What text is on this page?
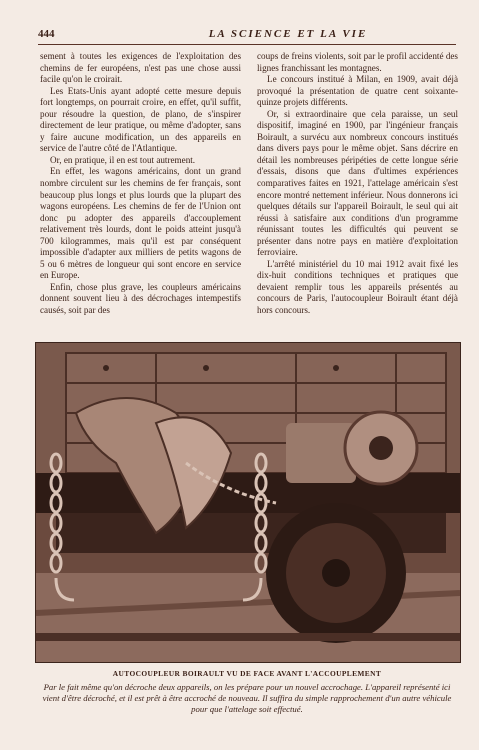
444	LA SCIENCE ET LA VIE

sement à toutes les exigences de l'exploitation des chemins de fer européens, n'est pas une chose aussi facile qu'on le croirait.

Les Etats-Unis ayant adopté cette mesure depuis fort longtemps, on pourrait croire, en effet, qu'il suffit, pour résoudre la question, de plano, de s'inspirer directement de leur pratique, ou même d'adopter, sans y faire aucune modification, un des appareils en service de l'autre côté de l'Atlantique.

Or, en pratique, il en est tout autrement.

En effet, les wagons américains, dont un grand nombre circulent sur les chemins de fer français, sont beaucoup plus longs et plus lourds que la plupart des wagons européens. Les chemins de fer de l'Union ont donc pu adopter des appareils d'accouplement relativement très lourds, dont le poids atteint jusqu'à 700 kilogrammes, mais qu'il est par conséquent impossible d'adapter aux milliers de petits wagons de 5 ou 6 mètres de longueur qui sont encore en service en Europe.

Enfin, chose plus grave, les coupleurs américains donnent souvent lieu à des décrochages intempestifs causés, soit par des

coups de freins violents, soit par le profil accidenté des lignes franchissant les montagnes.

Le concours institué à Milan, en 1909, avait déjà provoqué la présentation de quatre cent soixante-quinze projets différents.

Or, si extraordinaire que cela paraisse, un seul dispositif, imaginé en 1900, par l'ingénieur français Boirault, a survécu aux nombreux concours institués dans divers pays pour le même objet. Sans décrire en détail les nombreuses péripéties de cette longue série d'essais, disons que dans d'ultimes expériences comparatives faites en 1921, l'attelage américain s'est encore montré nettement inférieur. Nous donnerons ici quelques détails sur l'appareil Boirault, le seul qui ait réussi à satisfaire aux conditions d'un programme réunissant toutes les difficultés qui peuvent se présenter dans notre pays en matière d'exploitation ferroviaire.

L'arrêté ministériel du 10 mai 1912 avait fixé les dix-huit conditions techniques et pratiques que devaient remplir tous les appareils présentés au concours de Paris, l'autocoupleur Boirault étant déjà hors concours.

AUTOCOUPLEUR BOIRAULT VU DE FACE AVANT L'ACCOUPLEMENT
Par le fait même qu'on décroche deux appareils, on les prépare pour un nouvel accrochage. L'appareil représenté ici vient d'être décroché, et il est prêt à être accroché de nouveau. Il suffira du simple rapprochement d'un autre véhicule pour que l'attelage soit effectué.
